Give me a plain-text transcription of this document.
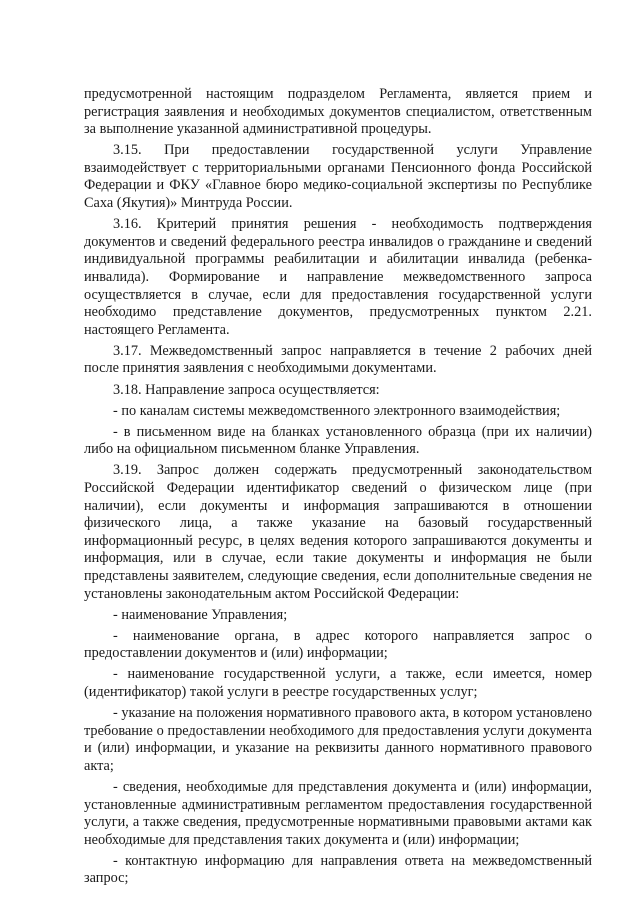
предусмотренной настоящим подразделом Регламента, является прием и регистрация заявления и необходимых документов специалистом, ответственным за выполнение указанной административной процедуры.

3.15. При предоставлении государственной услуги Управление взаимодействует с территориальными органами Пенсионного фонда Российской Федерации и ФКУ «Главное бюро медико-социальной экспертизы по Республике Саха (Якутия)» Минтруда России.

3.16. Критерий принятия решения - необходимость подтверждения документов и сведений федерального реестра инвалидов о гражданине и сведений индивидуальной программы реабилитации и абилитации инвалида (ребенка-инвалида). Формирование и направление межведомственного запроса осуществляется в случае, если для предоставления государственной услуги необходимо представление документов, предусмотренных пунктом 2.21. настоящего Регламента.

3.17. Межведомственный запрос направляется в течение 2 рабочих дней после принятия заявления с необходимыми документами.

3.18. Направление запроса осуществляется:

- по каналам системы межведомственного электронного взаимодействия;

- в письменном виде на бланках установленного образца (при их наличии) либо на официальном письменном бланке Управления.

3.19. Запрос должен содержать предусмотренный законодательством Российской Федерации идентификатор сведений о физическом лице (при наличии), если документы и информация запрашиваются в отношении физического лица, а также указание на базовый государственный информационный ресурс, в целях ведения которого запрашиваются документы и информация, или в случае, если такие документы и информация не были представлены заявителем, следующие сведения, если дополнительные сведения не установлены законодательным актом Российской Федерации:

- наименование Управления;

- наименование органа, в адрес которого направляется запрос о предоставлении документов и (или) информации;

- наименование государственной услуги, а также, если имеется, номер (идентификатор) такой услуги в реестре государственных услуг;

- указание на положения нормативного правового акта, в котором установлено требование о предоставлении необходимого для предоставления услуги документа и (или) информации, и указание на реквизиты данного нормативного правового акта;

- сведения, необходимые для представления документа и (или) информации, установленные административным регламентом предоставления государственной услуги, а также сведения, предусмотренные нормативными правовыми актами как необходимые для представления таких документа и (или) информации;

- контактную информацию для направления ответа на межведомственный запрос;
